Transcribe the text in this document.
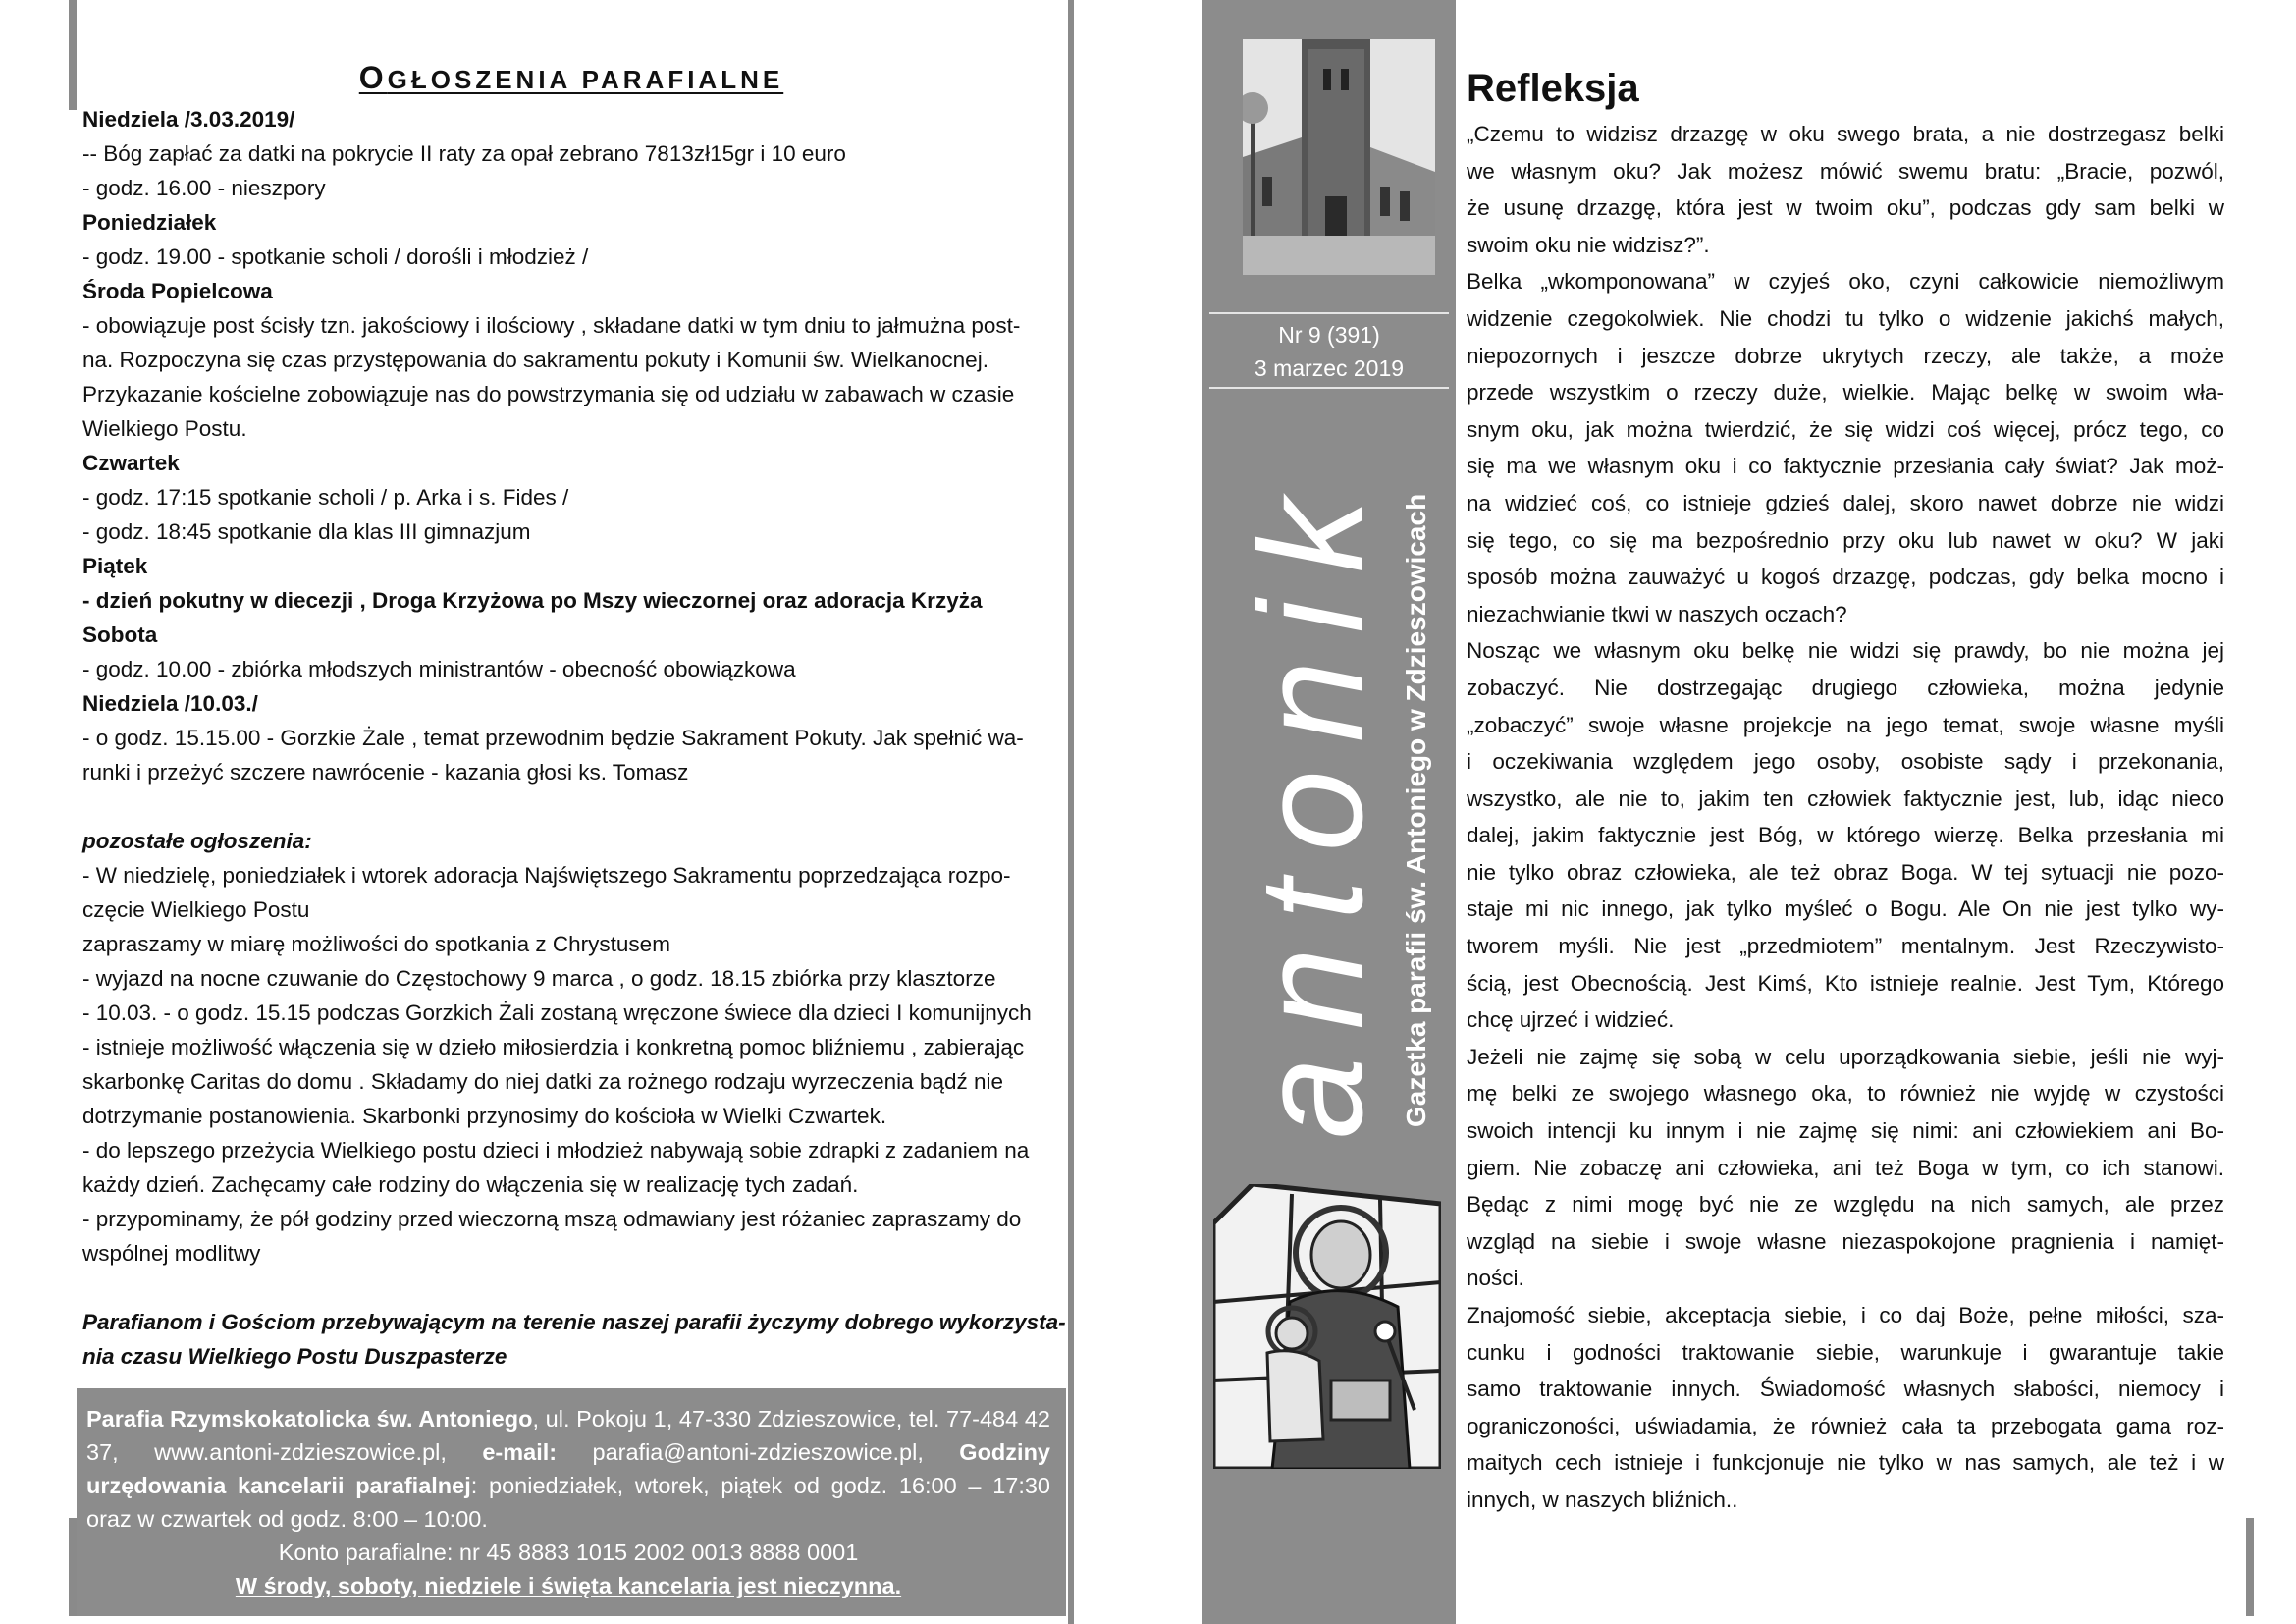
OGŁOSZENIA PARAFIALNE
Niedziela /3.03.2019/
-- Bóg zapłać za datki na pokrycie II raty za opał zebrano 7813zł15gr i 10 euro
- godz. 16.00 - nieszpory
Poniedziałek
- godz. 19.00 - spotkanie scholi / dorośli i młodzież /
Środa Popielcowa
- obowiązuje post ścisły tzn. jakościowy i ilościowy , składane datki w tym dniu to jałmużna post-
na. Rozpoczyna się czas przystępowania do sakramentu pokuty i Komunii św. Wielkanocnej.
Przykazanie kościelne zobowiązuje nas do powstrzymania się od udziału w zabawach w czasie
Wielkiego Postu.
Czwartek
- godz. 17:15 spotkanie scholi / p. Arka i s. Fides /
- godz. 18:45 spotkanie dla klas III gimnazjum
Piątek
- dzień pokutny w diecezji , Droga Krzyżowa po Mszy wieczornej oraz adoracja Krzyża
Sobota
- godz. 10.00 - zbiórka młodszych ministrantów - obecność obowiązkowa
Niedziela /10.03./
- o godz. 15.15.00 - Gorzkie Żale , temat przewodnim będzie Sakrament Pokuty. Jak spełnić wa-
runki i przeżyć szczere nawrócenie - kazania głosi ks. Tomasz
pozostałe ogłoszenia:
- W niedzielę, poniedziałek i wtorek adoracja Najświętszego Sakramentu poprzedzająca rozpo-
częcie Wielkiego Postu
zapraszamy w miarę możliwości do spotkania z Chrystusem
- wyjazd na nocne czuwanie do Częstochowy 9 marca , o godz. 18.15 zbiórka przy klasztorze
- 10.03. - o godz. 15.15 podczas Gorzkich Żali zostaną wręczone świece dla dzieci I komunijnych
- istnieje możliwość włączenia się w dzieło miłosierdzia i konkretną pomoc bliźniemu , zabierając
skarbonkę Caritas do domu . Składamy do niej datki za rożnego rodzaju wyrzeczenia bądź nie
dotrzymanie postanowienia. Skarbonki przynosimy do kościoła w Wielki Czwartek.
- do lepszego przeżycia Wielkiego postu dzieci i młodzież nabywają sobie zdrapki z zadaniem na
każdy dzień. Zachęcamy całe rodziny do włączenia się w realizację tych zadań.
- przypominamy, że pół godziny przed wieczorną mszą odmawiany jest różaniec zapraszamy do
wspólnej modlitwy
Parafianom i Gościom przebywającym na terenie naszej parafii życzymy dobrego wykorzysta-
nia czasu Wielkiego Postu Duszpasterze

Parafia Rzymskokatolicka św. Antoniego, ul. Pokoju 1, 47-330 Zdzieszowice, tel. 77-484 42 37, www.antoni-zdzieszowice.pl, e-mail: parafia@antoni-zdzieszowice.pl, Godziny urzędowania kancelarii parafialnej: poniedziałek, wtorek, piątek od godz. 16:00 – 17:30 oraz w czwartek od godz. 8:00 – 10:00.

Konto parafialne: nr 45 8883 1015 2002 0013 8888 0001

W środy, soboty, niedziele i święta kancelaria jest nieczynna.

Nr 9 (391)
3 marzec 2019
antonik Gazetka parafii św. Antoniego w Zdzieszowicach
Refleksja
„Czemu to widzisz drzazgę w oku swego brata, a nie dostrzegasz belki
we własnym oku? Jak możesz mówić swemu bratu: „Bracie, pozwól,
że usunę drzazgę, która jest w twoim oku”, podczas gdy sam belki w
swoim oku nie widzisz?”.
Belka „wkomponowana” w czyjeś oko, czyni całkowicie niemożliwym
widzenie czegokolwiek. Nie chodzi tu tylko o widzenie jakichś małych,
niepozornych i jeszcze dobrze ukrytych rzeczy, ale także, a może
przede wszystkim o rzeczy duże, wielkie. Mając belkę w swoim wła-
snym oku, jak można twierdzić, że się widzi coś więcej, prócz tego, co
się ma we własnym oku i co faktycznie przesłania cały świat? Jak moż-
na widzieć coś, co istnieje gdzieś dalej, skoro nawet dobrze nie widzi
się tego, co się ma bezpośrednio przy oku lub nawet w oku? W jaki
sposób można zauważyć u kogoś drzazgę, podczas, gdy belka mocno i
niezachwianie tkwi w naszych oczach?
Nosząc we własnym oku belkę nie widzi się prawdy, bo nie można jej
zobaczyć. Nie dostrzegając drugiego człowieka, można jedynie
„zobaczyć” swoje własne projekcje na jego temat, swoje własne myśli
i oczekiwania względem jego osoby, osobiste sądy i przekonania,
wszystko, ale nie to, jakim ten człowiek faktycznie jest, lub, idąc nieco
dalej, jakim faktycznie jest Bóg, w którego wierzę. Belka przesłania mi
nie tylko obraz człowieka, ale też obraz Boga. W tej sytuacji nie pozo-
staje mi nic innego, jak tylko myśleć o Bogu. Ale On nie jest tylko wy-
tworem myśli. Nie jest „przedmiotem” mentalnym. Jest Rzeczywisto-
ścią, jest Obecnością. Jest Kimś, Kto istnieje realnie. Jest Tym, Którego
chcę ujrzeć i widzieć.
Jeżeli nie zajmę się sobą w celu uporządkowania siebie, jeśli nie wyj-
mę belki ze swojego własnego oka, to również nie wyjdę w czystości
swoich intencji ku innym i nie zajmę się nimi: ani człowiekiem ani Bo-
giem. Nie zobaczę ani człowieka, ani też Boga w tym, co ich stanowi.
Będąc z nimi mogę być nie ze względu na nich samych, ale przez
wzgląd na siebie i swoje własne niezaspokojone pragnienia i namięt-
ności.
Znajomość siebie, akceptacja siebie, i co daj Boże, pełne miłości, sza-
cunku i godności traktowanie siebie, warunkuje i gwarantuje takie
samo traktowanie innych. Świadomość własnych słabości, niemocy i
ograniczoności, uświadamia, że również cała ta przebogata gama roz-
maitych cech istnieje i funkcjonuje nie tylko w nas samych, ale też i w
innych, w naszych bliźnich..
